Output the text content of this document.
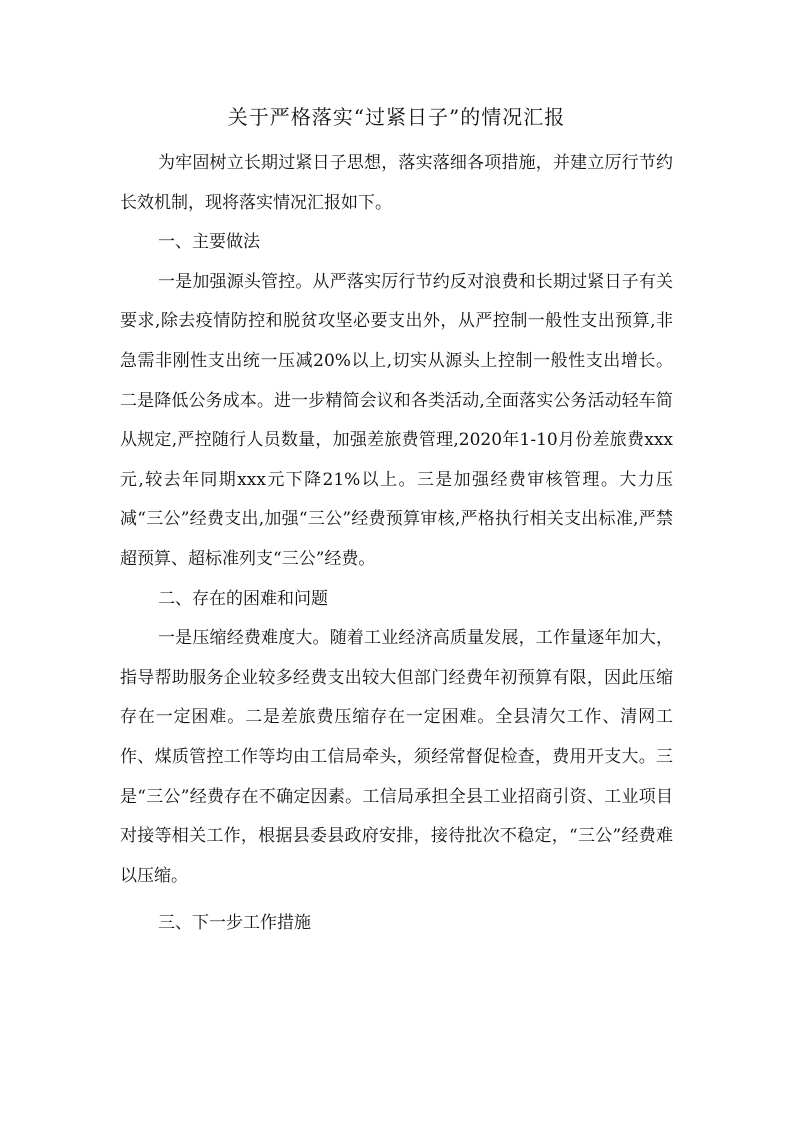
关于严格落实“过紧日子”的情况汇报

为牢固树立长期过紧日子思想，落实落细各项措施，并建立厉行节约长效机制，现将落实情况汇报如下。

一、主要做法

一是加强源头管控。从严落实厉行节约反对浪费和长期过紧日子有关要求,除去疫情防控和脱贫攻坚必要支出外，从严控制一般性支出预算,非急需非刚性支出统一压减20%以上,切实从源头上控制一般性支出增长。二是降低公务成本。进一步精简会议和各类活动,全面落实公务活动轻车简从规定,严控随行人员数量，加强差旅费管理,2020年1-10月份差旅费xxx元,较去年同期xxx元下降21%以上。三是加强经费审核管理。大力压减“三公”经费支出,加强“三公”经费预算审核,严格执行相关支出标准,严禁超预算、超标准列支“三公”经费。

二、存在的困难和问题

一是压缩经费难度大。随着工业经济高质量发展，工作量逐年加大，指导帮助服务企业较多经费支出较大但部门经费年初预算有限，因此压缩存在一定困难。二是差旅费压缩存在一定困难。全县清欠工作、清网工作、煤质管控工作等均由工信局牵头，须经常督促检查，费用开支大。三是“三公”经费存在不确定因素。工信局承担全县工业招商引资、工业项目对接等相关工作，根据县委县政府安排，接待批次不稳定，“三公”经费难以压缩。

三、下一步工作措施
